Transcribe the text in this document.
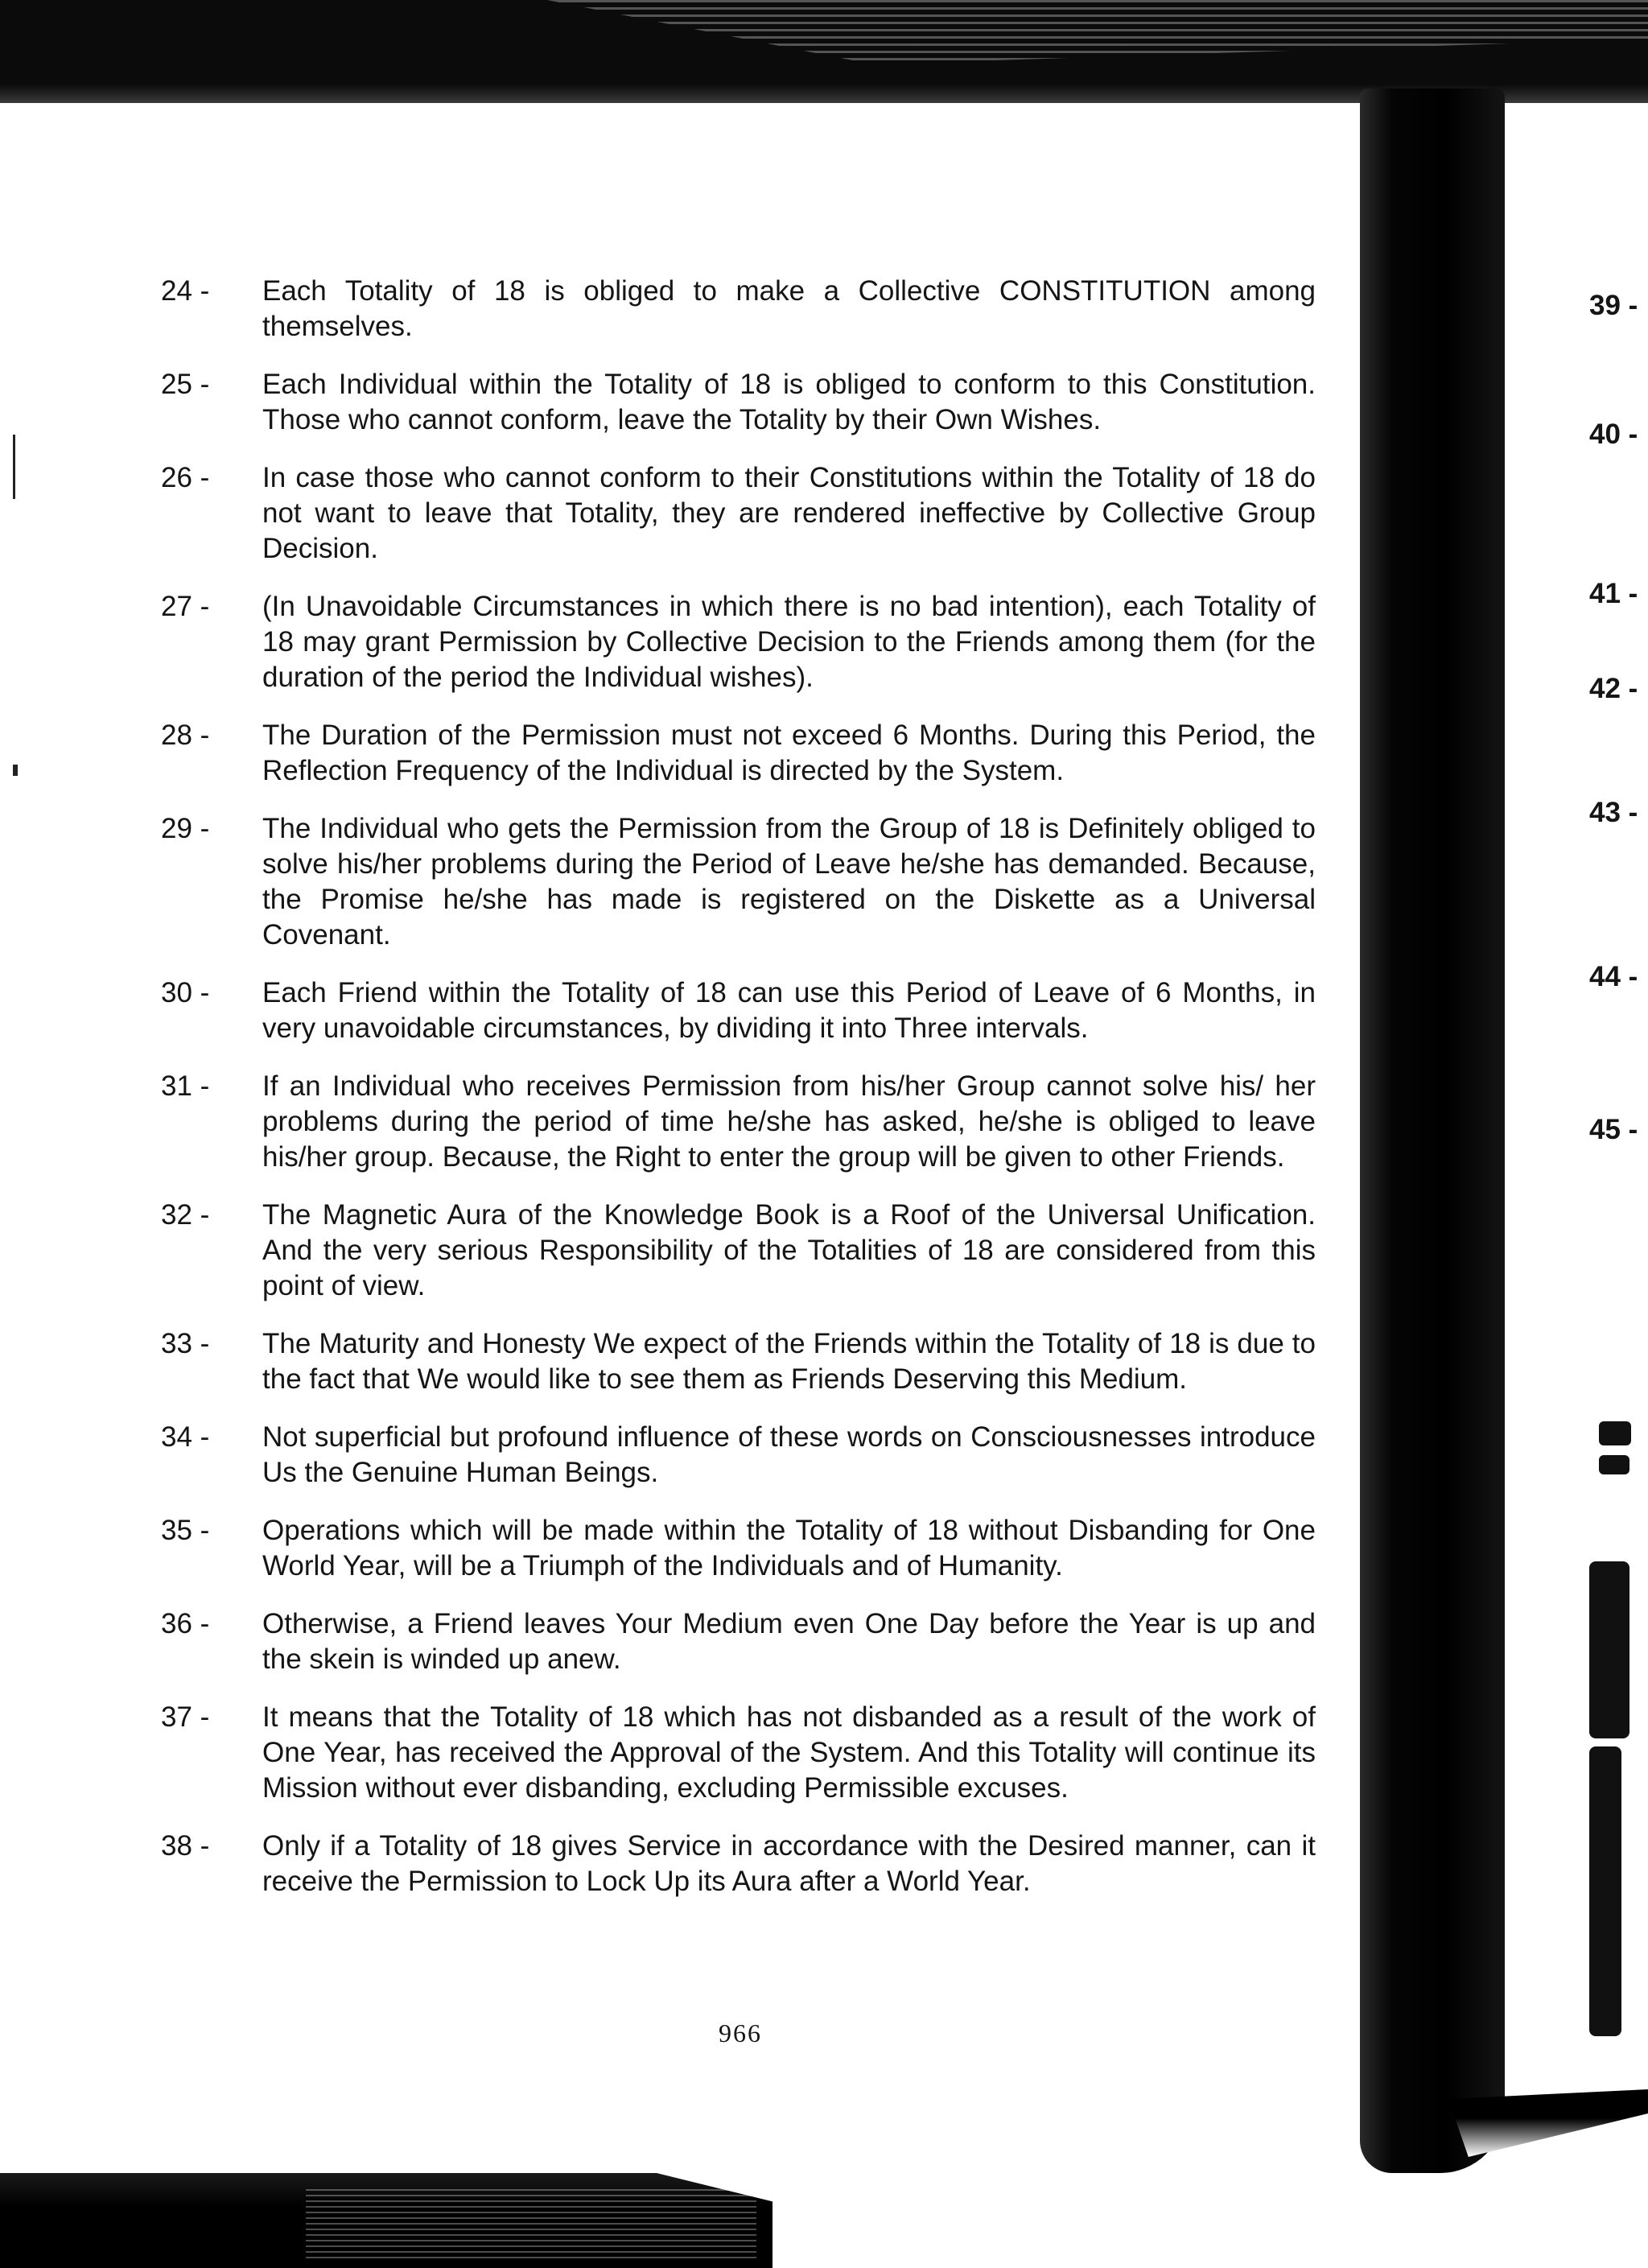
24 -	Each Totality of 18 is obliged to make a Collective CONSTITUTION among themselves.
25 -	Each Individual within the Totality of 18 is obliged to conform to this Constitution. Those who cannot conform, leave the Totality by their Own Wishes.
26 -	In case those who cannot conform to their Constitutions within the Totality of 18 do not want to leave that Totality, they are rendered ineffective by Collective Group Decision.
27 -	(In Unavoidable Circumstances in which there is no bad intention), each Totality of 18 may grant Permission by Collective Decision to the Friends among them (for the duration of the period the Individual wishes).
28 -	The Duration of the Permission must not exceed 6 Months. During this Period, the Reflection Frequency of the Individual is directed by the System.
29 -	The Individual who gets the Permission from the Group of 18 is Definitely obliged to solve his/her problems during the Period of Leave he/she has demanded. Because, the Promise he/she has made is registered on the Diskette as a Universal Covenant.
30 -	Each Friend within the Totality of 18 can use this Period of Leave of 6 Months, in very unavoidable circumstances, by dividing it into Three intervals.
31 -	If an Individual who receives Permission from his/her Group cannot solve his/ her problems during the period of time he/she has asked, he/she is obliged to leave his/her group. Because, the Right to enter the group will be given to other Friends.
32 -	The Magnetic Aura of the Knowledge Book is a Roof of the Universal Unification. And the very serious Responsibility of the Totalities of 18 are considered from this point of view.
33 -	The Maturity and Honesty We expect of the Friends within the Totality of 18 is due to the fact that We would like to see them as Friends Deserving this Medium.
34 -	Not superficial but profound influence of these words on Consciousnesses introduce Us the Genuine Human Beings.
35 -	Operations which will be made within the Totality of 18 without Disbanding for One World Year, will be a Triumph of the Individuals and of Humanity.
36 -	Otherwise, a Friend leaves Your Medium even One Day before the Year is up and the skein is winded up anew.
37 -	It means that the Totality of 18 which has not disbanded as a result of the work of One Year, has received the Approval of the System. And this Totality will continue its Mission without ever disbanding, excluding Permissible excuses.
38 -	Only if a Totality of 18 gives Service in accordance with the Desired manner, can it receive the Permission to Lock Up its Aura after a World Year.
966
39 -
40 -
41 -
42 -
43 -
44 -
45 -
